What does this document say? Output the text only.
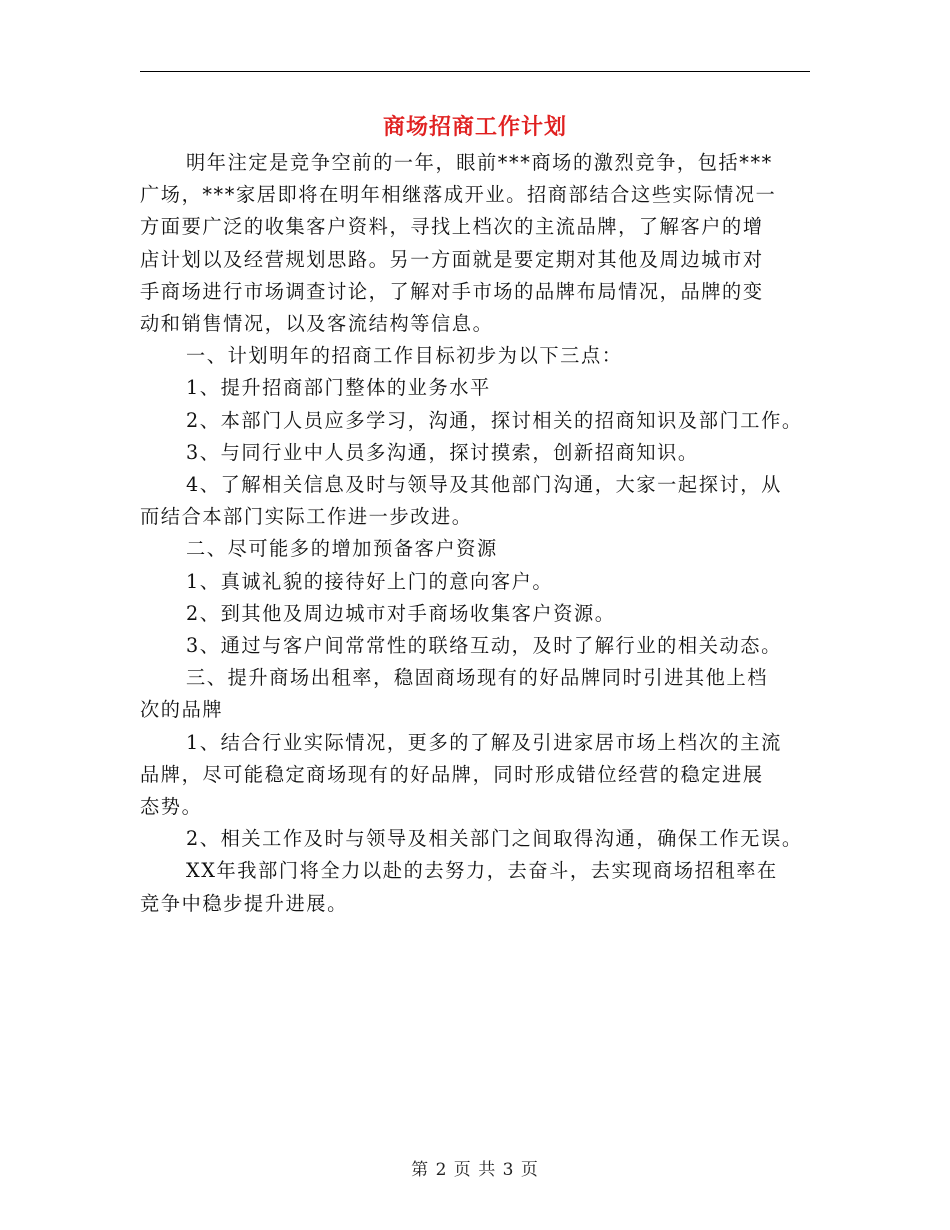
商场招商工作计划
明年注定是竞争空前的一年，眼前***商场的激烈竞争，包括***
广场，***家居即将在明年相继落成开业。招商部结合这些实际情况一
方面要广泛的收集客户资料，寻找上档次的主流品牌，了解客户的增
店计划以及经营规划思路。另一方面就是要定期对其他及周边城市对
手商场进行市场调查讨论，了解对手市场的品牌布局情况，品牌的变
动和销售情况，以及客流结构等信息。
一、计划明年的招商工作目标初步为以下三点：
1、提升招商部门整体的业务水平
2、本部门人员应多学习，沟通，探讨相关的招商知识及部门工作。
3、与同行业中人员多沟通，探讨摸索，创新招商知识。
4、了解相关信息及时与领导及其他部门沟通，大家一起探讨，从
而结合本部门实际工作进一步改进。
二、尽可能多的增加预备客户资源
1、真诚礼貌的接待好上门的意向客户。
2、到其他及周边城市对手商场收集客户资源。
3、通过与客户间常常性的联络互动，及时了解行业的相关动态。
三、提升商场出租率，稳固商场现有的好品牌同时引进其他上档
次的品牌
1、结合行业实际情况，更多的了解及引进家居市场上档次的主流
品牌，尽可能稳定商场现有的好品牌，同时形成错位经营的稳定进展
态势。
2、相关工作及时与领导及相关部门之间取得沟通，确保工作无误。
XX年我部门将全力以赴的去努力，去奋斗，去实现商场招租率在
竞争中稳步提升进展。
第 2 页 共 3 页
